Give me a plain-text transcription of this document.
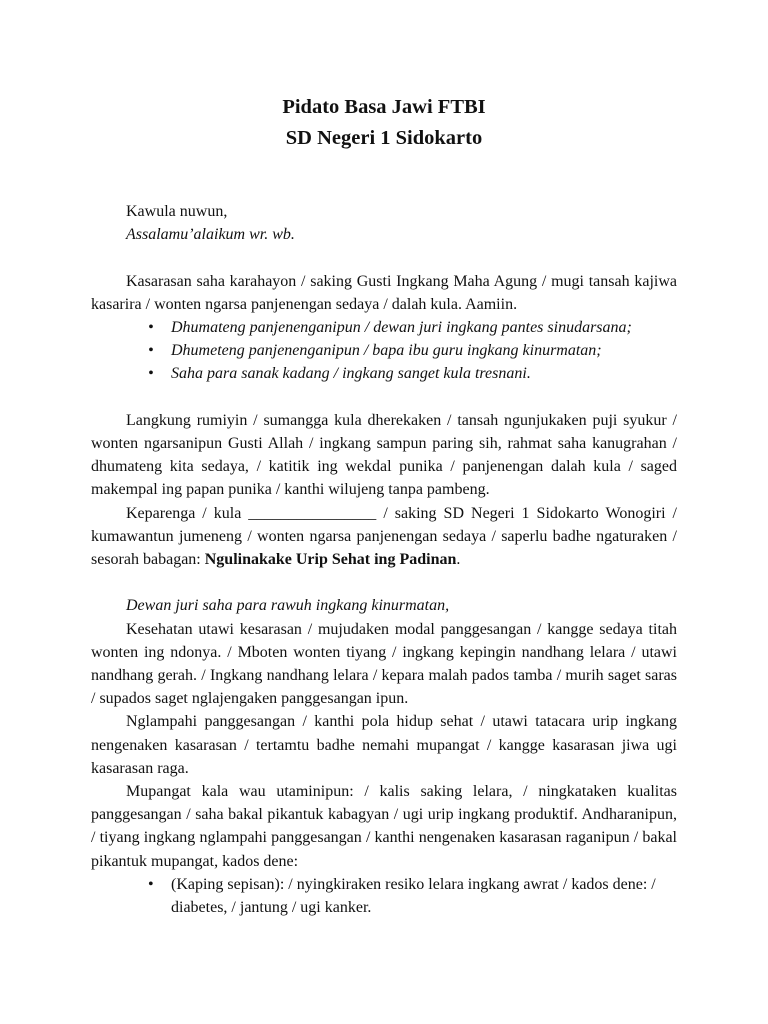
Pidato Basa Jawi FTBI
SD Negeri 1 Sidokarto

Kawula nuwun,

Assalamu’alaikum wr. wb.

Kasarasan saha karahayon / saking Gusti Ingkang Maha Agung / mugi tansah kajiwa kasarira / wonten ngarsa panjenengan sedaya / dalah kula. Aamiin.

• Dhumateng panjenenganipun / dewan juri ingkang pantes sinudarsana;
• Dhumeteng panjenenganipun / bapa ibu guru ingkang kinurmatan;
• Saha para sanak kadang / ingkang sanget kula tresnani.

Langkung rumiyin / sumangga kula dherekaken / tansah ngunjukaken puji syukur / wonten ngarsanipun Gusti Allah / ingkang sampun paring sih, rahmat saha kanugrahan / dhumateng kita sedaya, / katitik ing wekdal punika / panjenengan dalah kula / saged makempal ing papan punika / kanthi wilujeng tanpa pambeng.

Keparenga / kula ________________ / saking SD Negeri 1 Sidokarto Wonogiri / kumawantun jumeneng / wonten ngarsa panjenengan sedaya / saperlu badhe ngaturaken / sesorah babagan: Ngulinakake Urip Sehat ing Padinan.

Dewan juri saha para rawuh ingkang kinurmatan,

Kesehatan utawi kesarasan / mujudaken modal panggesangan / kangge sedaya titah wonten ing ndonya. / Mboten wonten tiyang / ingkang kepingin nandhang lelara / utawi nandhang gerah. / Ingkang nandhang lelara / kepara malah pados tamba / murih saget saras / supados saget nglajengaken panggesangan ipun.

Nglampahi panggesangan / kanthi pola hidup sehat / utawi tatacara urip ingkang nengenaken kasarasan / tertamtu badhe nemahi mupangat / kangge kasarasan jiwa ugi kasarasan raga.

Mupangat kala wau utaminipun: / kalis saking lelara, / ningkataken kualitas panggesangan / saha bakal pikantuk kabagyan / ugi urip ingkang produktif. Andharanipun, / tiyang ingkang nglampahi panggesangan / kanthi nengenaken kasarasan raganipun / bakal pikantuk mupangat, kados dene:

• (Kaping sepisan): / nyingkiraken resiko lelara ingkang awrat / kados dene: / diabetes, / jantung / ugi kanker.
